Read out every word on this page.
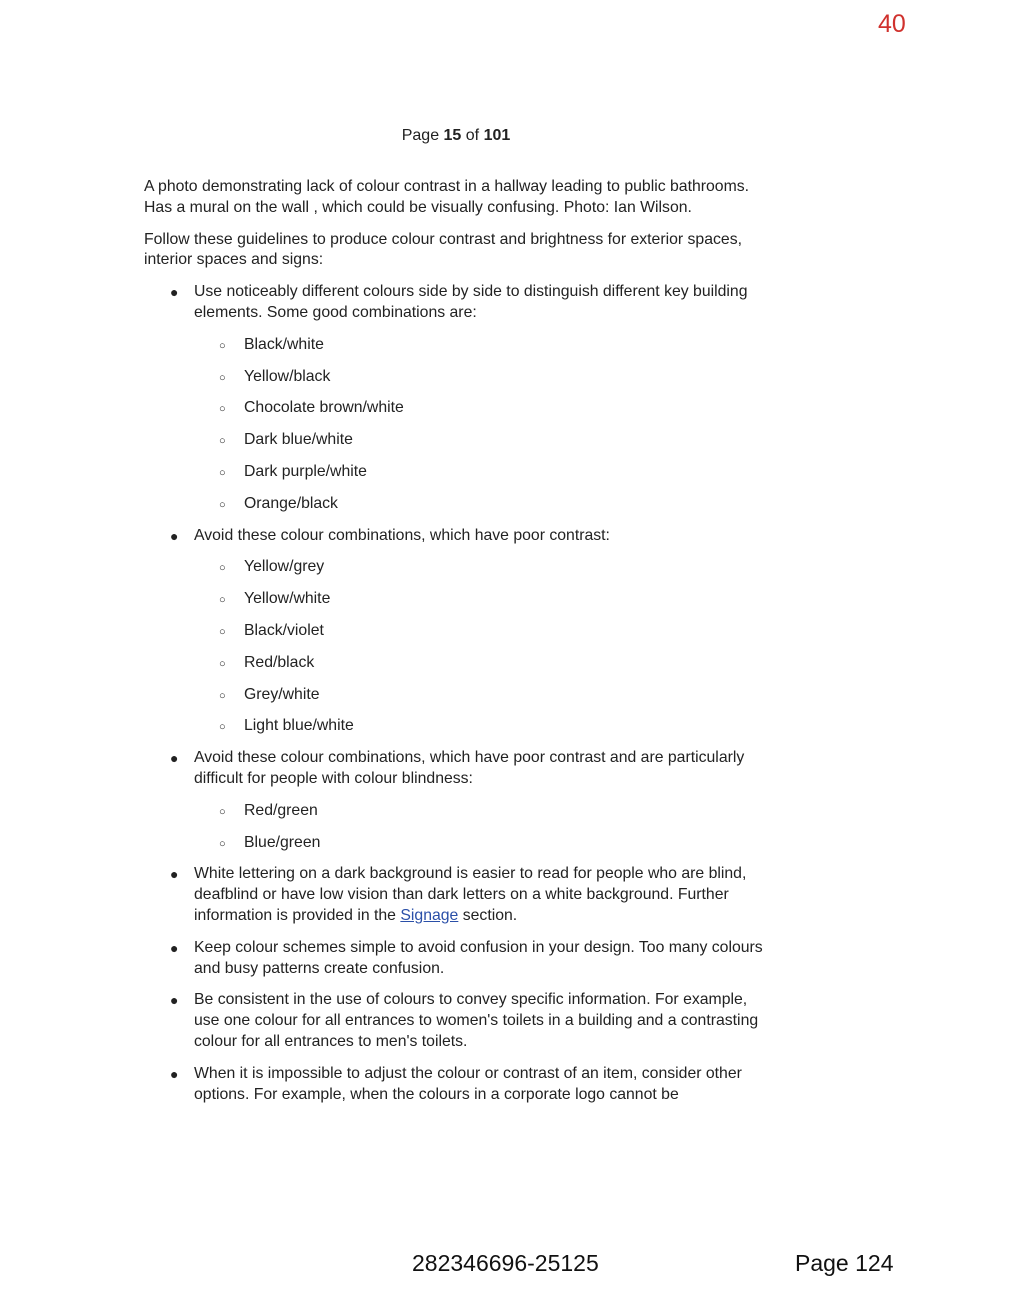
40
Page 15 of 101

A photo demonstrating lack of colour contrast in a hallway leading to public bathrooms. Has a mural on the wall , which could be visually confusing. Photo: Ian Wilson.

Follow these guidelines to produce colour contrast and brightness for exterior spaces, interior spaces and signs:

● Use noticeably different colours side by side to distinguish different key building elements. Some good combinations are:
○ Black/white
○ Yellow/black
○ Chocolate brown/white
○ Dark blue/white
○ Dark purple/white
○ Orange/black
● Avoid these colour combinations, which have poor contrast:
○ Yellow/grey
○ Yellow/white
○ Black/violet
○ Red/black
○ Grey/white
○ Light blue/white
● Avoid these colour combinations, which have poor contrast and are particularly difficult for people with colour blindness:
○ Red/green
○ Blue/green
● White lettering on a dark background is easier to read for people who are blind, deafblind or have low vision than dark letters on a white background. Further information is provided in the Signage section.
● Keep colour schemes simple to avoid confusion in your design. Too many colours and busy patterns create confusion.
● Be consistent in the use of colours to convey specific information. For example, use one colour for all entrances to women's toilets in a building and a contrasting colour for all entrances to men's toilets.
● When it is impossible to adjust the colour or contrast of an item, consider other options. For example, when the colours in a corporate logo cannot be
282346696-25125	Page 124
